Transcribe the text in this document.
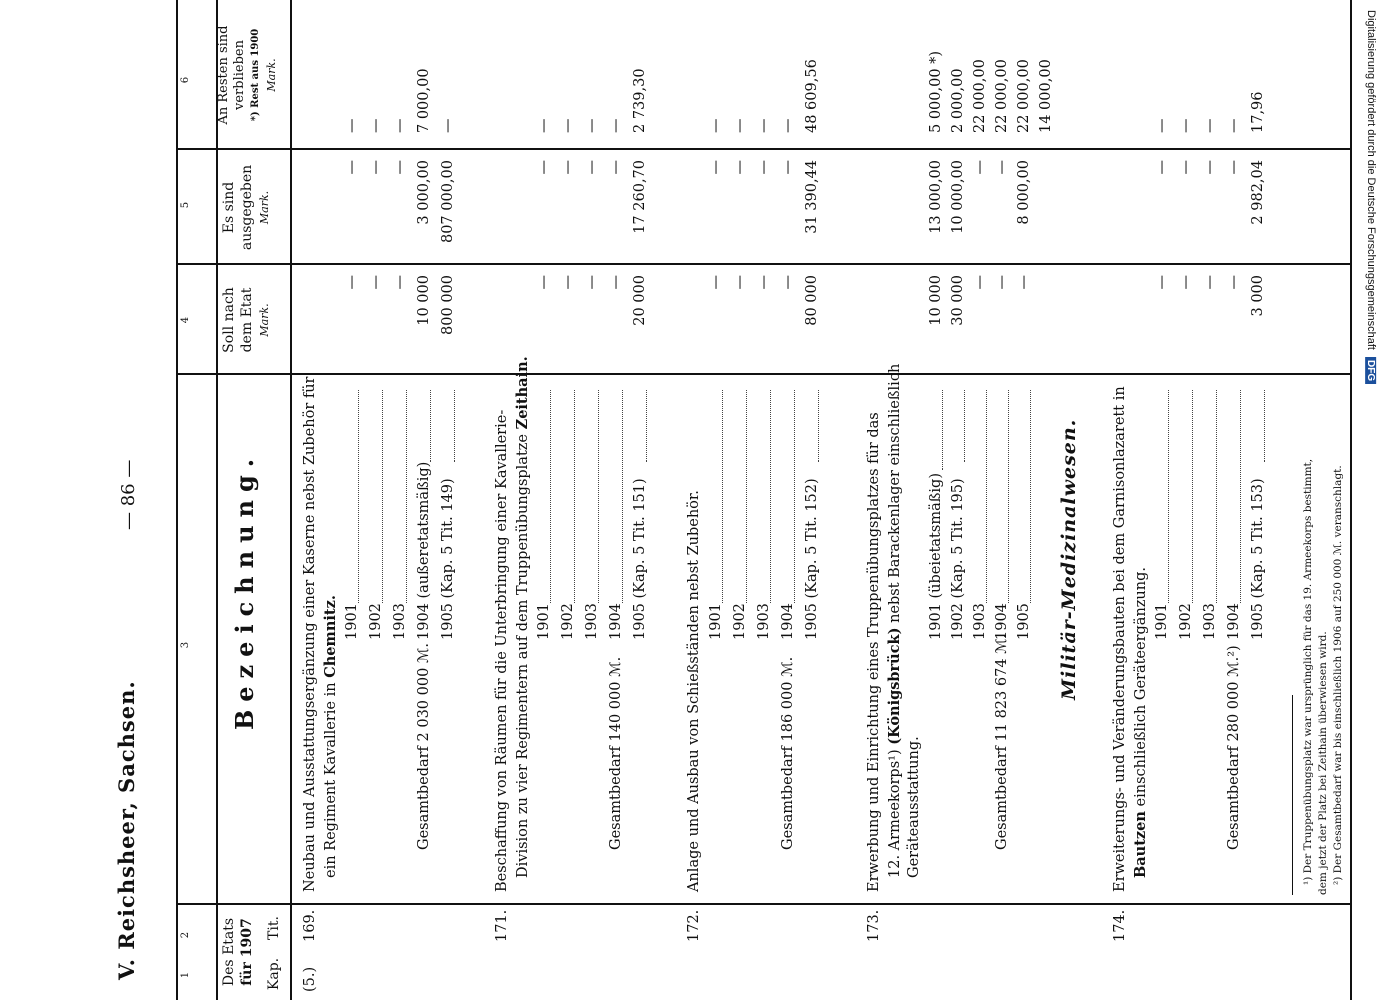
V. Reichsheer, Sachsen.
— 86 —
1
2
3
4
5
6
Des Etats für 1907 Kap.
Tit.
Bezeichnung.
Soll nach dem Etat Mark.
Es sind ausgegeben Mark.
An Resten sind verblieben *) Rest aus 1900 Mark.
(5.)
169.
Neubau und Ausstattungsergänzung einer Kaserne nebst Zubehör für ein Regiment Kavallerie in Chemnitz. 1901
—
—
—
1902
—
—
—
1903
—
—
—
1904 (außeretatsmäßig)
10 000
3 000,00
7 000,00
1905 (Kap. 5 Tit. 149)
800 000
807 000,00
—
Gesamtbedarf 2 030 000 ℳ.
171.
Beschaffung von Räumen für die Unterbringung einer Kavallerie- Division zu vier Regimentern auf dem Truppenübungsplatze Zeithain.
1901
—
—
—
1902
—
—
—
1903
—
—
—
1904
—
—
—
1905 (Kap. 5 Tit. 151)
20 000
17 260,70
2 739,30
Gesamtbedarf 140 000 ℳ.
172.
Anlage und Ausbau von Schießständen nebst Zubehör. 1901
—
—
—
1902
—
—
—
1903
—
—
—
1904
—
—
—
1905 (Kap. 5 Tit. 152)
80 000
31 390,44
48 609,56
Gesamtbedarf 186 000 ℳ.
173.
Erwerbung und Einrichtung eines Truppenübungsplatzes für das 12. Armeekorps¹) (Königsbrück) nebst Barackenlager einschließlich
Geräteausstattung.
1901 (übeietatsmäßig)
10 000
13 000,00
5 000,00 *)
1902 (Kap. 5 Tit. 195)
30 000
10 000,00
2 000,00
1903
—
—
22 000,00
1904
—
—
22 000,00
1905
—
8 000,00
22 000,00 14 000,00
Gesamtbedarf 11 823 674 ℳ.
Militär-Medizinalwesen.
174.
Erweiterungs- und Veränderungsbauten bei dem Garnisonlazarett in Bautzen einschließlich Geräteergänzung. 1901
—
—
—
1902
—
—
—
1903
—
—
—
1904
—
—
—
1905 (Kap. 5 Tit. 153)
3 000
2 982,04
17,96
Gesamtbedarf 280 000 ℳ.²)	¹) Der Truppenübungsplatz war ursprünglich für das 19. Armeekorps bestimmt, dem jetzt der Platz bei Zeithain überwiesen wird. ²) Der Gesamtbedarf war bis einschließlich 1906 auf 250 000 ℳ. veranschlagt.
Digitalisierung gefördert durch die Deutsche Forschungsgemeinschaft DFG
